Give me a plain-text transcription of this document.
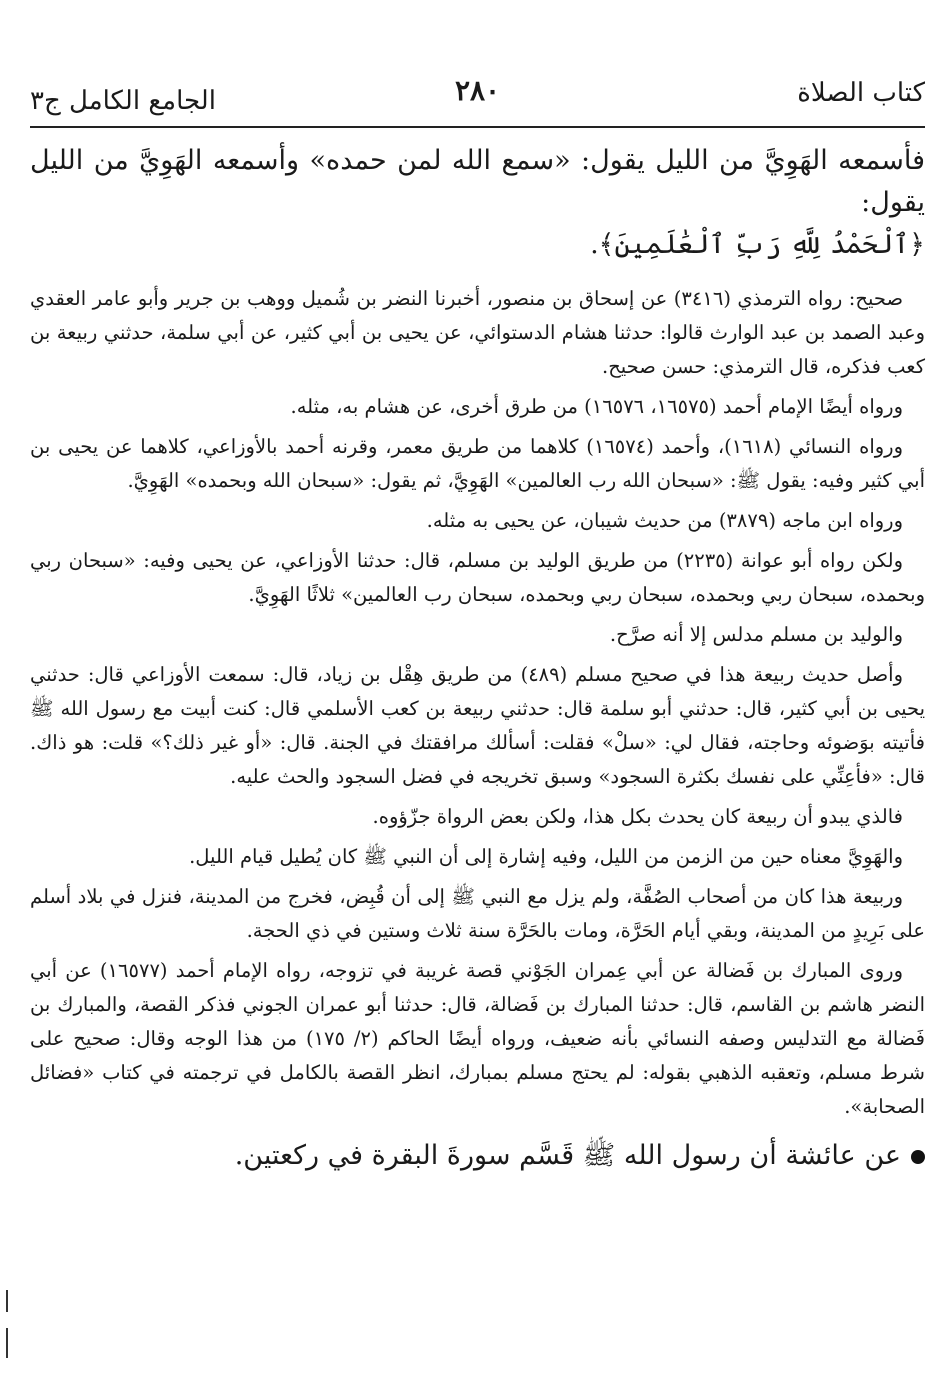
كتاب الصلاة
٢٨٠
الجامع الكامل ج٣
فأسمعه الهَوِيَّ من الليل يقول: «سمع الله لمن حمده» وأسمعه الهَوِيَّ من الليل يقول:
﴿ٱلْحَمْدُ لِلَّهِ رَبِّ ٱلْعَٰلَمِينَ﴾.

صحيح: رواه الترمذي (٣٤١٦) عن إسحاق بن منصور، أخبرنا النضر بن شُميل ووهب بن جرير وأبو عامر العقدي وعبد الصمد بن عبد الوارث قالوا: حدثنا هشام الدستوائي، عن يحيى بن أبي كثير، عن أبي سلمة، حدثني ربيعة بن كعب فذكره، قال الترمذي: حسن صحيح.

ورواه أيضًا الإمام أحمد (١٦٥٧٥، ١٦٥٧٦) من طرق أخرى، عن هشام به، مثله.

ورواه النسائي (١٦١٨)، وأحمد (١٦٥٧٤) كلاهما من طريق معمر، وقرنه أحمد بالأوزاعي، كلاهما عن يحيى بن أبي كثير وفيه: يقول ﷺ: «سبحان الله رب العالمين» الهَوِيَّ، ثم يقول: «سبحان الله وبحمده» الهَوِيَّ.

ورواه ابن ماجه (٣٨٧٩) من حديث شيبان، عن يحيى به مثله.

ولكن رواه أبو عوانة (٢٢٣٥) من طريق الوليد بن مسلم، قال: حدثنا الأوزاعي، عن يحيى وفيه: «سبحان ربي وبحمده، سبحان ربي وبحمده، سبحان ربي وبحمده، سبحان رب العالمين» ثلاثًا الهَوِيَّ.

والوليد بن مسلم مدلس إلا أنه صرَّح.

وأصل حديث ربيعة هذا في صحيح مسلم (٤٨٩) من طريق هِقْل بن زياد، قال: سمعت الأوزاعي قال: حدثني يحيى بن أبي كثير، قال: حدثني أبو سلمة قال: حدثني ربيعة بن كعب الأسلمي قال: كنت أبيت مع رسول الله ﷺ فأتيته بوَضوئه وحاجته، فقال لي: «سلْ» فقلت: أسألك مرافقتك في الجنة. قال: «أو غير ذلك؟» قلت: هو ذاك. قال: «فأعِنِّي على نفسك بكثرة السجود» وسبق تخريجه في فضل السجود والحث عليه.

فالذي يبدو أن ربيعة كان يحدث بكل هذا، ولكن بعض الرواة جزّؤوه.

والهَوِيَّ معناه حين من الزمن من الليل، وفيه إشارة إلى أن النبي ﷺ كان يُطيل قيام الليل.

وربيعة هذا كان من أصحاب الصُفَّة، ولم يزل مع النبي ﷺ إلى أن قُبِض، فخرج من المدينة، فنزل في بلاد أسلم على بَرِيدٍ من المدينة، وبقي أيام الحَرَّة، ومات بالحَرَّة سنة ثلاث وستين في ذي الحجة.

وروى المبارك بن فَضالة عن أبي عِمران الجَوْني قصة غريبة في تزوجه، رواه الإمام أحمد (١٦٥٧٧) عن أبي النضر هاشم بن القاسم، قال: حدثنا المبارك بن فَضالة، قال: حدثنا أبو عمران الجوني فذكر القصة، والمبارك بن فَضالة مع التدليس وصفه النسائي بأنه ضعيف، ورواه أيضًا الحاكم (٢/ ١٧٥) من هذا الوجه وقال: صحيح على شرط مسلم، وتعقبه الذهبي بقوله: لم يحتج مسلم بمبارك، انظر القصة بالكامل في ترجمته في كتاب «فضائل الصحابة».

عن عائشة أن رسول الله ﷺ قَسَّم سورةَ البقرة في ركعتين.
